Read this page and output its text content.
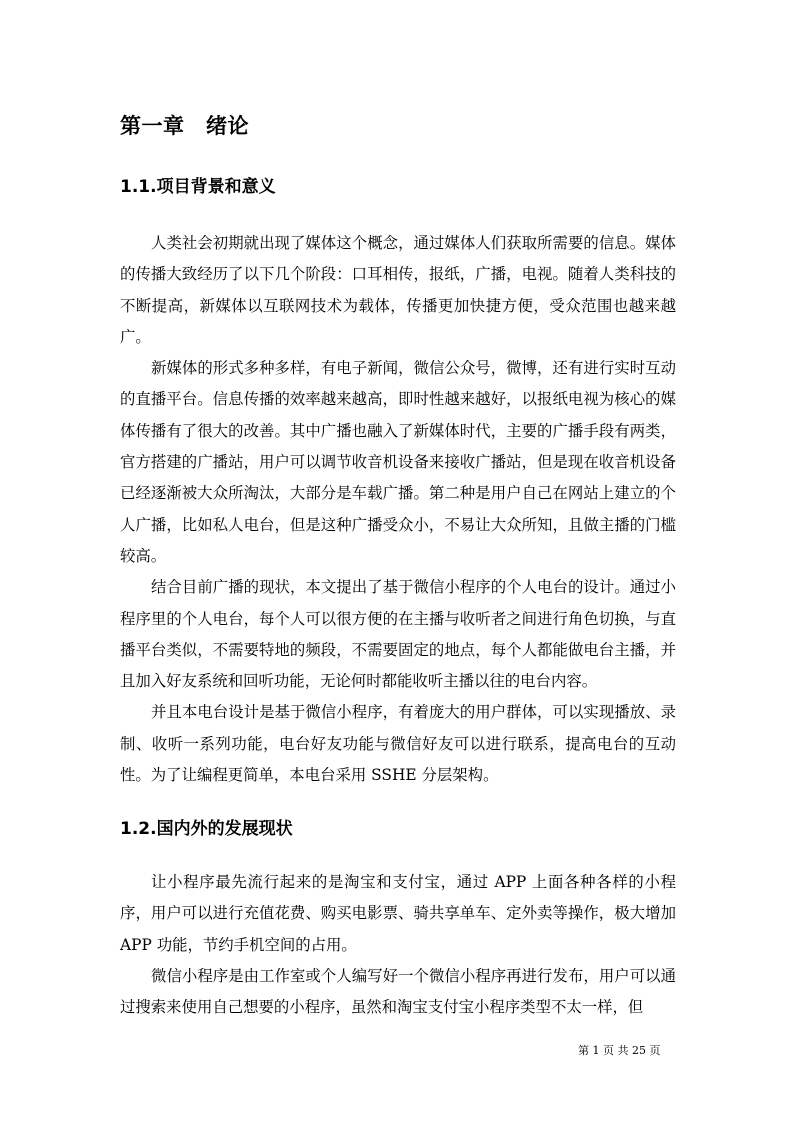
第一章　绪论
1.1.项目背景和意义

人类社会初期就出现了媒体这个概念，通过媒体人们获取所需要的信息。媒体的传播大致经历了以下几个阶段：口耳相传，报纸，广播，电视。随着人类科技的不断提高，新媒体以互联网技术为载体，传播更加快捷方便，受众范围也越来越广。

新媒体的形式多种多样，有电子新闻，微信公众号，微博，还有进行实时互动的直播平台。信息传播的效率越来越高，即时性越来越好，以报纸电视为核心的媒体传播有了很大的改善。其中广播也融入了新媒体时代，主要的广播手段有两类，官方搭建的广播站，用户可以调节收音机设备来接收广播站，但是现在收音机设备已经逐渐被大众所淘汰，大部分是车载广播。第二种是用户自己在网站上建立的个人广播，比如私人电台，但是这种广播受众小，不易让大众所知，且做主播的门槛较高。

结合目前广播的现状，本文提出了基于微信小程序的个人电台的设计。通过小程序里的个人电台，每个人可以很方便的在主播与收听者之间进行角色切换，与直播平台类似，不需要特地的频段，不需要固定的地点，每个人都能做电台主播，并且加入好友系统和回听功能，无论何时都能收听主播以往的电台内容。

并且本电台设计是基于微信小程序，有着庞大的用户群体，可以实现播放、录制、收听一系列功能，电台好友功能与微信好友可以进行联系，提高电台的互动性。为了让编程更简单，本电台采用 SSHE 分层架构。

1.2.国内外的发展现状

让小程序最先流行起来的是淘宝和支付宝，通过 APP 上面各种各样的小程序，用户可以进行充值花费、购买电影票、骑共享单车、定外卖等操作，极大增加 APP 功能，节约手机空间的占用。

微信小程序是由工作室或个人编写好一个微信小程序再进行发布，用户可以通过搜索来使用自己想要的小程序，虽然和淘宝支付宝小程序类型不太一样，但

第 1 页 共 25 页
